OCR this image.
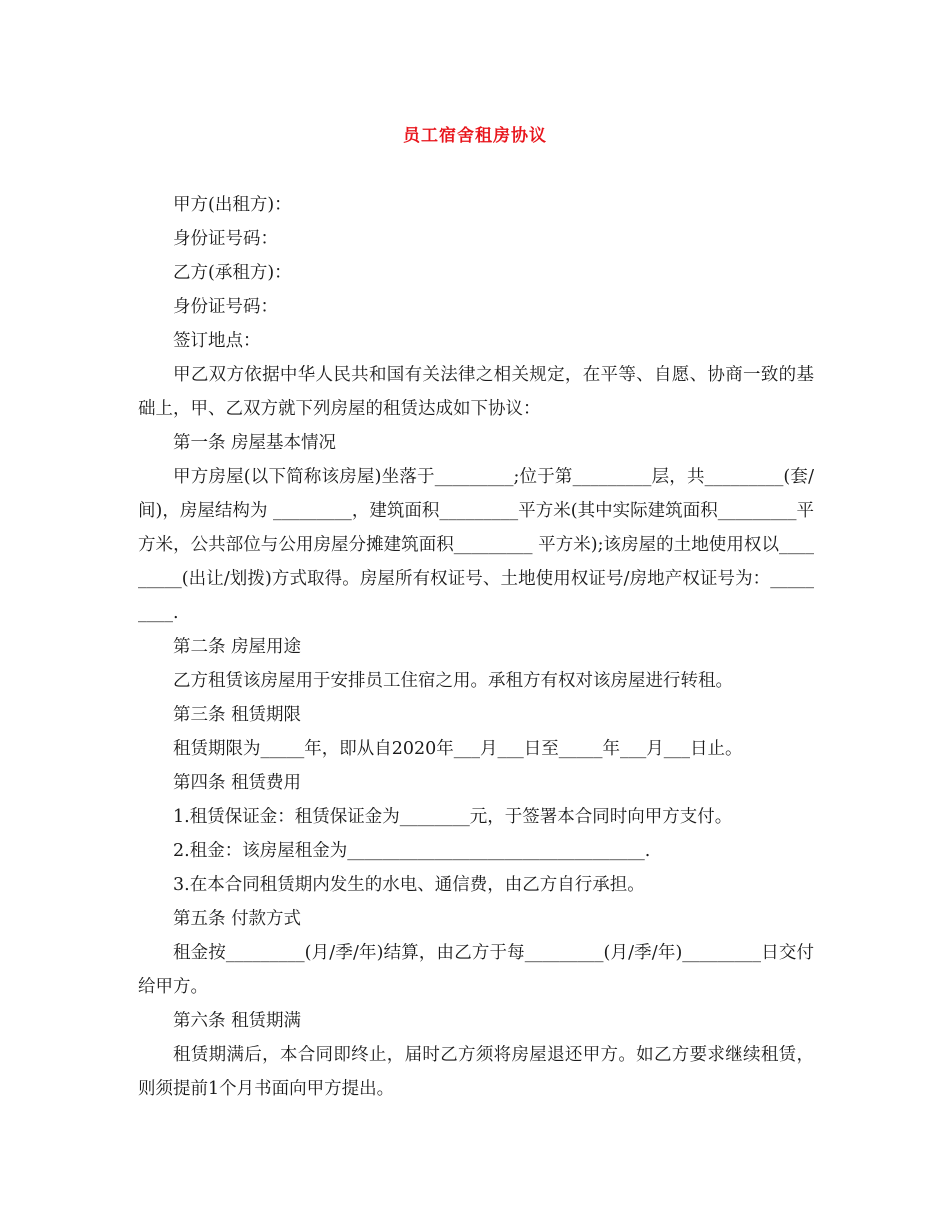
员工宿舍租房协议

甲方(出租方)：

身份证号码：

乙方(承租方)：

身份证号码：

签订地点：

甲乙双方依据中华人民共和国有关法律之相关规定，在平等、自愿、协商一致的基础上，甲、乙双方就下列房屋的租赁达成如下协议：

第一条 房屋基本情况

甲方房屋(以下简称该房屋)坐落于_________;位于第_________层，共_________(套/间)，房屋结构为 _________，建筑面积_________平方米(其中实际建筑面积_________平方米，公共部位与公用房屋分摊建筑面积_________ 平方米);该房屋的土地使用权以_________(出让/划拨)方式取得。房屋所有权证号、土地使用权证号/房地产权证号为：_________.

第二条 房屋用途

乙方租赁该房屋用于安排员工住宿之用。承租方有权对该房屋进行转租。

第三条 租赁期限

租赁期限为_____年，即从自2020年___月___日至_____年___月___日止。

第四条 租赁费用

1.租赁保证金：租赁保证金为________元，于签署本合同时向甲方支付。

2.租金：该房屋租金为__________________________________.

3.在本合同租赁期内发生的水电、通信费，由乙方自行承担。

第五条 付款方式

租金按_________(月/季/年)结算，由乙方于每_________(月/季/年)_________日交付给甲方。

第六条 租赁期满

租赁期满后，本合同即终止，届时乙方须将房屋退还甲方。如乙方要求继续租赁，则须提前1个月书面向甲方提出。
